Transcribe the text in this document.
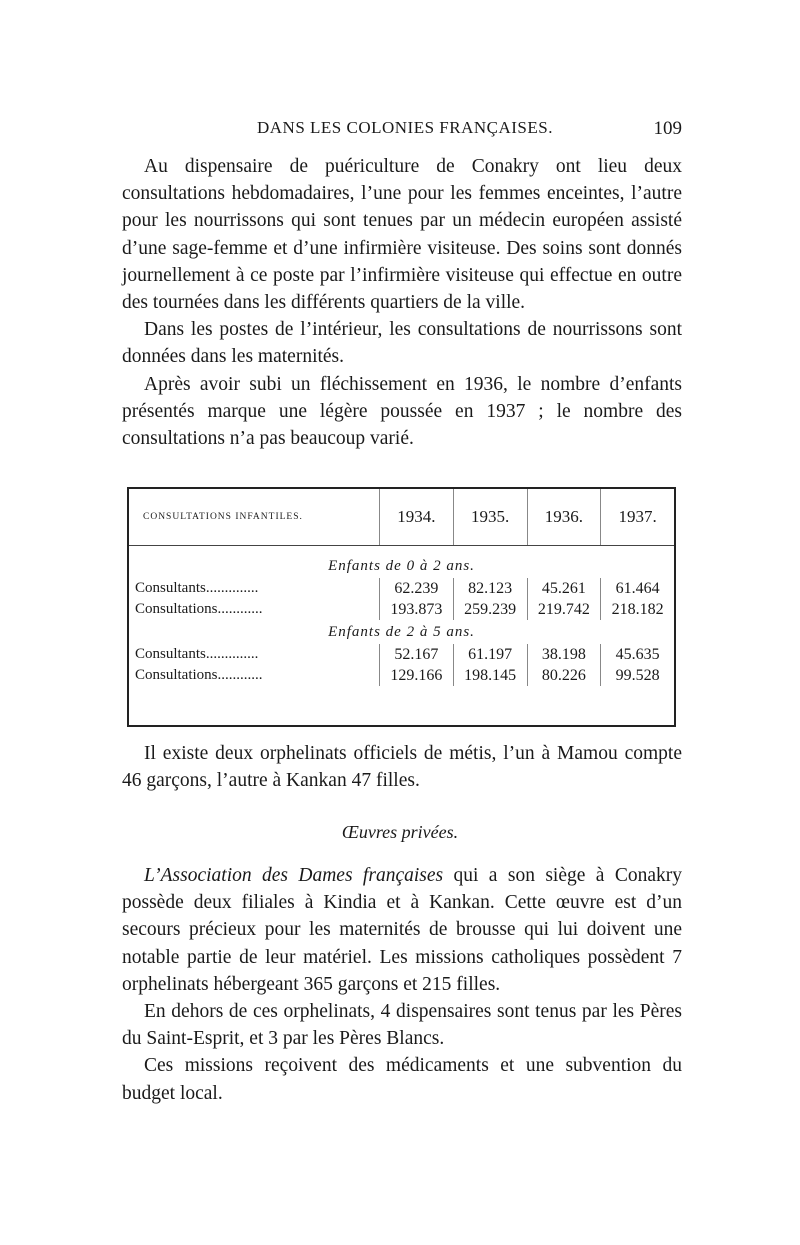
DANS LES COLONIES FRANÇAISES.	109

Au dispensaire de puériculture de Conakry ont lieu deux consultations hebdomadaires, l’une pour les femmes enceintes, l’autre pour les nourrissons qui sont tenues par un médecin européen assisté d’une sage-femme et d’une infirmière visiteuse. Des soins sont donnés journellement à ce poste par l’infirmière visiteuse qui effectue en outre des tournées dans les différents quartiers de la ville.

Dans les postes de l’intérieur, les consultations de nourrissons sont données dans les maternités.

Après avoir subi un fléchissement en 1936, le nombre d’enfants présentés marque une légère poussée en 1937 ; le nombre des consultations n’a pas beaucoup varié.

CONSULTATIONS INFANTILES.	1934.	1935.	1936.	1937.

Enfants de 0 à 2 ans.				
Consultants..............	62.239	82.123	45.261	61.464
Consultations............	193.873	259.239	219.742	218.182
Enfants de 2 à 5 ans.				
Consultants..............	52.167	61.197	38.198	45.635
Consultations............	129.166	198.145	80.226	99.528

Il existe deux orphelinats officiels de métis, l’un à Mamou compte 46 garçons, l’autre à Kankan 47 filles.

Œuvres privées.

L’Association des Dames françaises qui a son siège à Conakry possède deux filiales à Kindia et à Kankan. Cette œuvre est d’un secours précieux pour les maternités de brousse qui lui doivent une notable partie de leur matériel. Les missions catholiques possèdent 7 orphelinats hébergeant 365 garçons et 215 filles.

En dehors de ces orphelinats, 4 dispensaires sont tenus par les Pères du Saint-Esprit, et 3 par les Pères Blancs.

Ces missions reçoivent des médicaments et une subvention du budget local.
